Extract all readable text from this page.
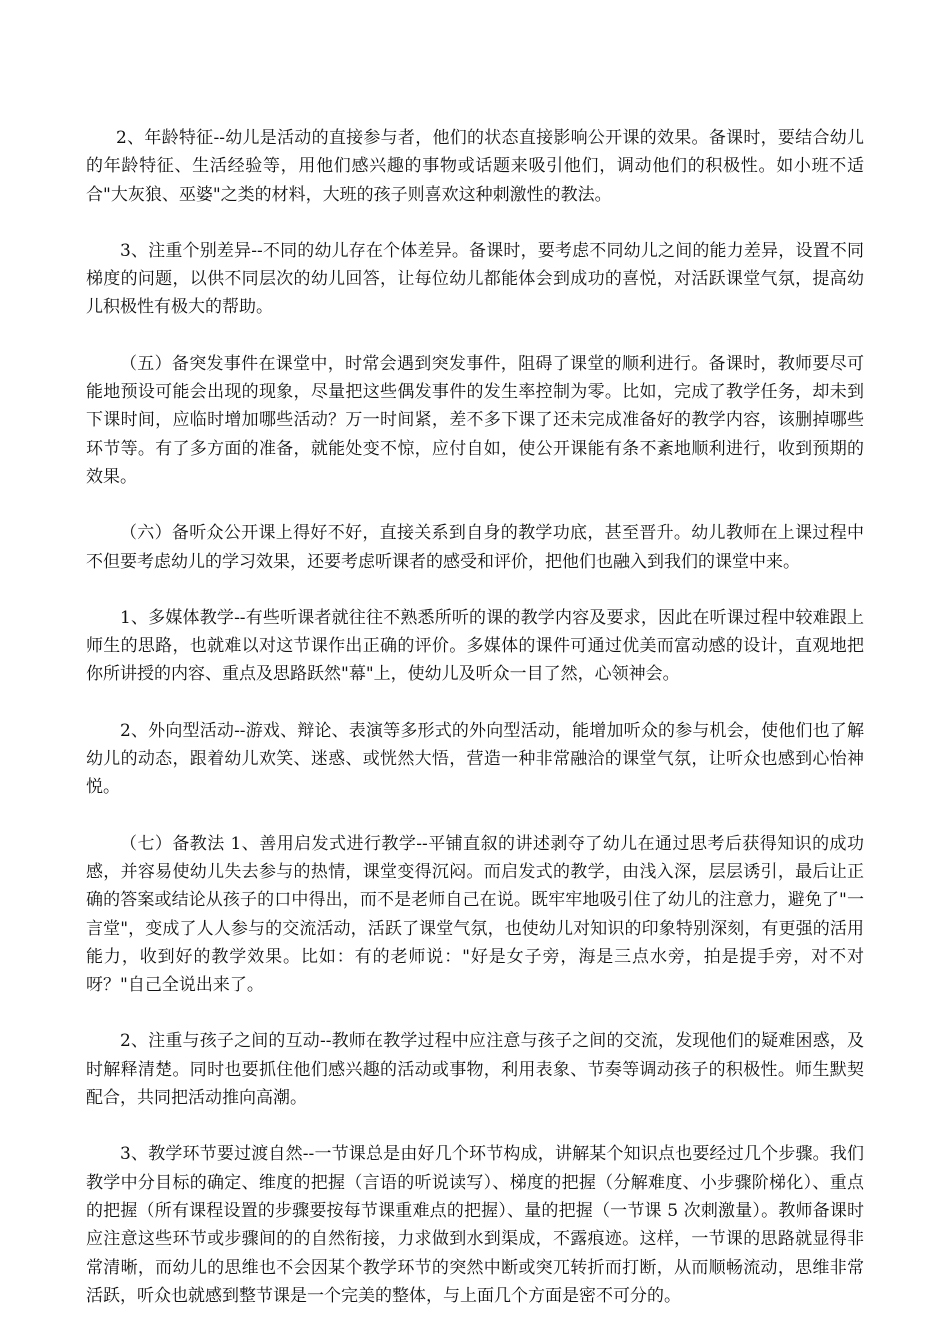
2、年龄特征--幼儿是活动的直接参与者，他们的状态直接影响公开课的效果。备课时，要结合幼儿的年龄特征、生活经验等，用他们感兴趣的事物或话题来吸引他们，调动他们的积极性。如小班不适合"大灰狼、巫婆"之类的材料，大班的孩子则喜欢这种刺激性的教法。

3、注重个别差异--不同的幼儿存在个体差异。备课时，要考虑不同幼儿之间的能力差异，设置不同梯度的问题，以供不同层次的幼儿回答，让每位幼儿都能体会到成功的喜悦，对活跃课堂气氛，提高幼儿积极性有极大的帮助。

（五）备突发事件在课堂中，时常会遇到突发事件，阻碍了课堂的顺利进行。备课时，教师要尽可能地预设可能会出现的现象，尽量把这些偶发事件的发生率控制为零。比如，完成了教学任务，却未到下课时间，应临时增加哪些活动？万一时间紧，差不多下课了还未完成准备好的教学内容，该删掉哪些环节等。有了多方面的准备，就能处变不惊，应付自如，使公开课能有条不紊地顺利进行，收到预期的效果。

（六）备听众公开课上得好不好，直接关系到自身的教学功底，甚至晋升。幼儿教师在上课过程中不但要考虑幼儿的学习效果，还要考虑听课者的感受和评价，把他们也融入到我们的课堂中来。

1、多媒体教学--有些听课者就往往不熟悉所听的课的教学内容及要求，因此在听课过程中较难跟上师生的思路，也就难以对这节课作出正确的评价。多媒体的课件可通过优美而富动感的设计，直观地把你所讲授的内容、重点及思路跃然"幕"上，使幼儿及听众一目了然，心领神会。

2、外向型活动--游戏、辩论、表演等多形式的外向型活动，能增加听众的参与机会，使他们也了解幼儿的动态，跟着幼儿欢笑、迷惑、或恍然大悟，营造一种非常融洽的课堂气氛，让听众也感到心怡神悦。

（七）备教法 1、善用启发式进行教学--平铺直叙的讲述剥夺了幼儿在通过思考后获得知识的成功感，并容易使幼儿失去参与的热情，课堂变得沉闷。而启发式的教学，由浅入深，层层诱引，最后让正确的答案或结论从孩子的口中得出，而不是老师自己在说。既牢牢地吸引住了幼儿的注意力，避免了"一言堂"，变成了人人参与的交流活动，活跃了课堂气氛，也使幼儿对知识的印象特别深刻，有更强的活用能力，收到好的教学效果。比如：有的老师说："好是女子旁，海是三点水旁，拍是提手旁，对不对呀？"自己全说出来了。

2、注重与孩子之间的互动--教师在教学过程中应注意与孩子之间的交流，发现他们的疑难困惑，及时解释清楚。同时也要抓住他们感兴趣的活动或事物，利用表象、节奏等调动孩子的积极性。师生默契配合，共同把活动推向高潮。

3、教学环节要过渡自然--一节课总是由好几个环节构成，讲解某个知识点也要经过几个步骤。我们教学中分目标的确定、维度的把握（言语的听说读写）、梯度的把握（分解难度、小步骤阶梯化）、重点的把握（所有课程设置的步骤要按每节课重难点的把握）、量的把握（一节课 5 次刺激量）。教师备课时应注意这些环节或步骤间的的自然衔接，力求做到水到渠成，不露痕迹。这样，一节课的思路就显得非常清晰，而幼儿的思维也不会因某个教学环节的突然中断或突兀转折而打断，从而顺畅流动，思维非常活跃，听众也就感到整节课是一个完美的整体，与上面几个方面是密不可分的。
